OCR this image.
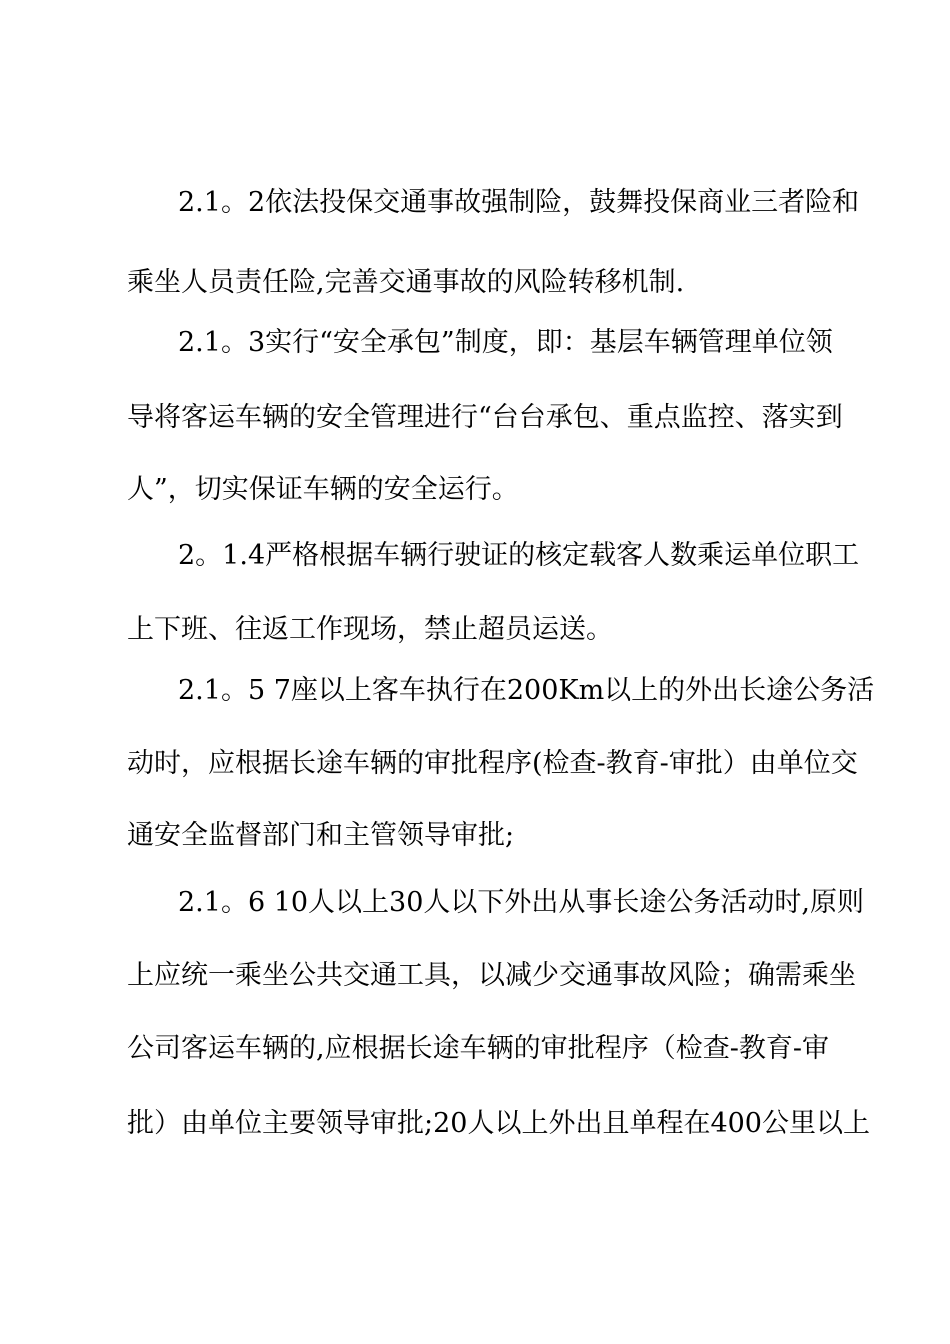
2.1。2依法投保交通事故强制险，鼓舞投保商业三者险和
乘坐人员责任险,完善交通事故的风险转移机制.
2.1。3实行“安全承包”制度，即：基层车辆管理单位领
导将客运车辆的安全管理进行“台台承包、重点监控、落实到
人”，切实保证车辆的安全运行。
2。1.4严格根据车辆行驶证的核定载客人数乘运单位职工
上下班、往返工作现场，禁止超员运送。
2.1。5 7座以上客车执行在200Km以上的外出长途公务活
动时，应根据长途车辆的审批程序(检查-教育-审批）由单位交
通安全监督部门和主管领导审批;
2.1。6 10人以上30人以下外出从事长途公务活动时,原则
上应统一乘坐公共交通工具，以减少交通事故风险；确需乘坐
公司客运车辆的,应根据长途车辆的审批程序（检查-教育-审
批）由单位主要领导审批;20人以上外出且单程在400公里以上
